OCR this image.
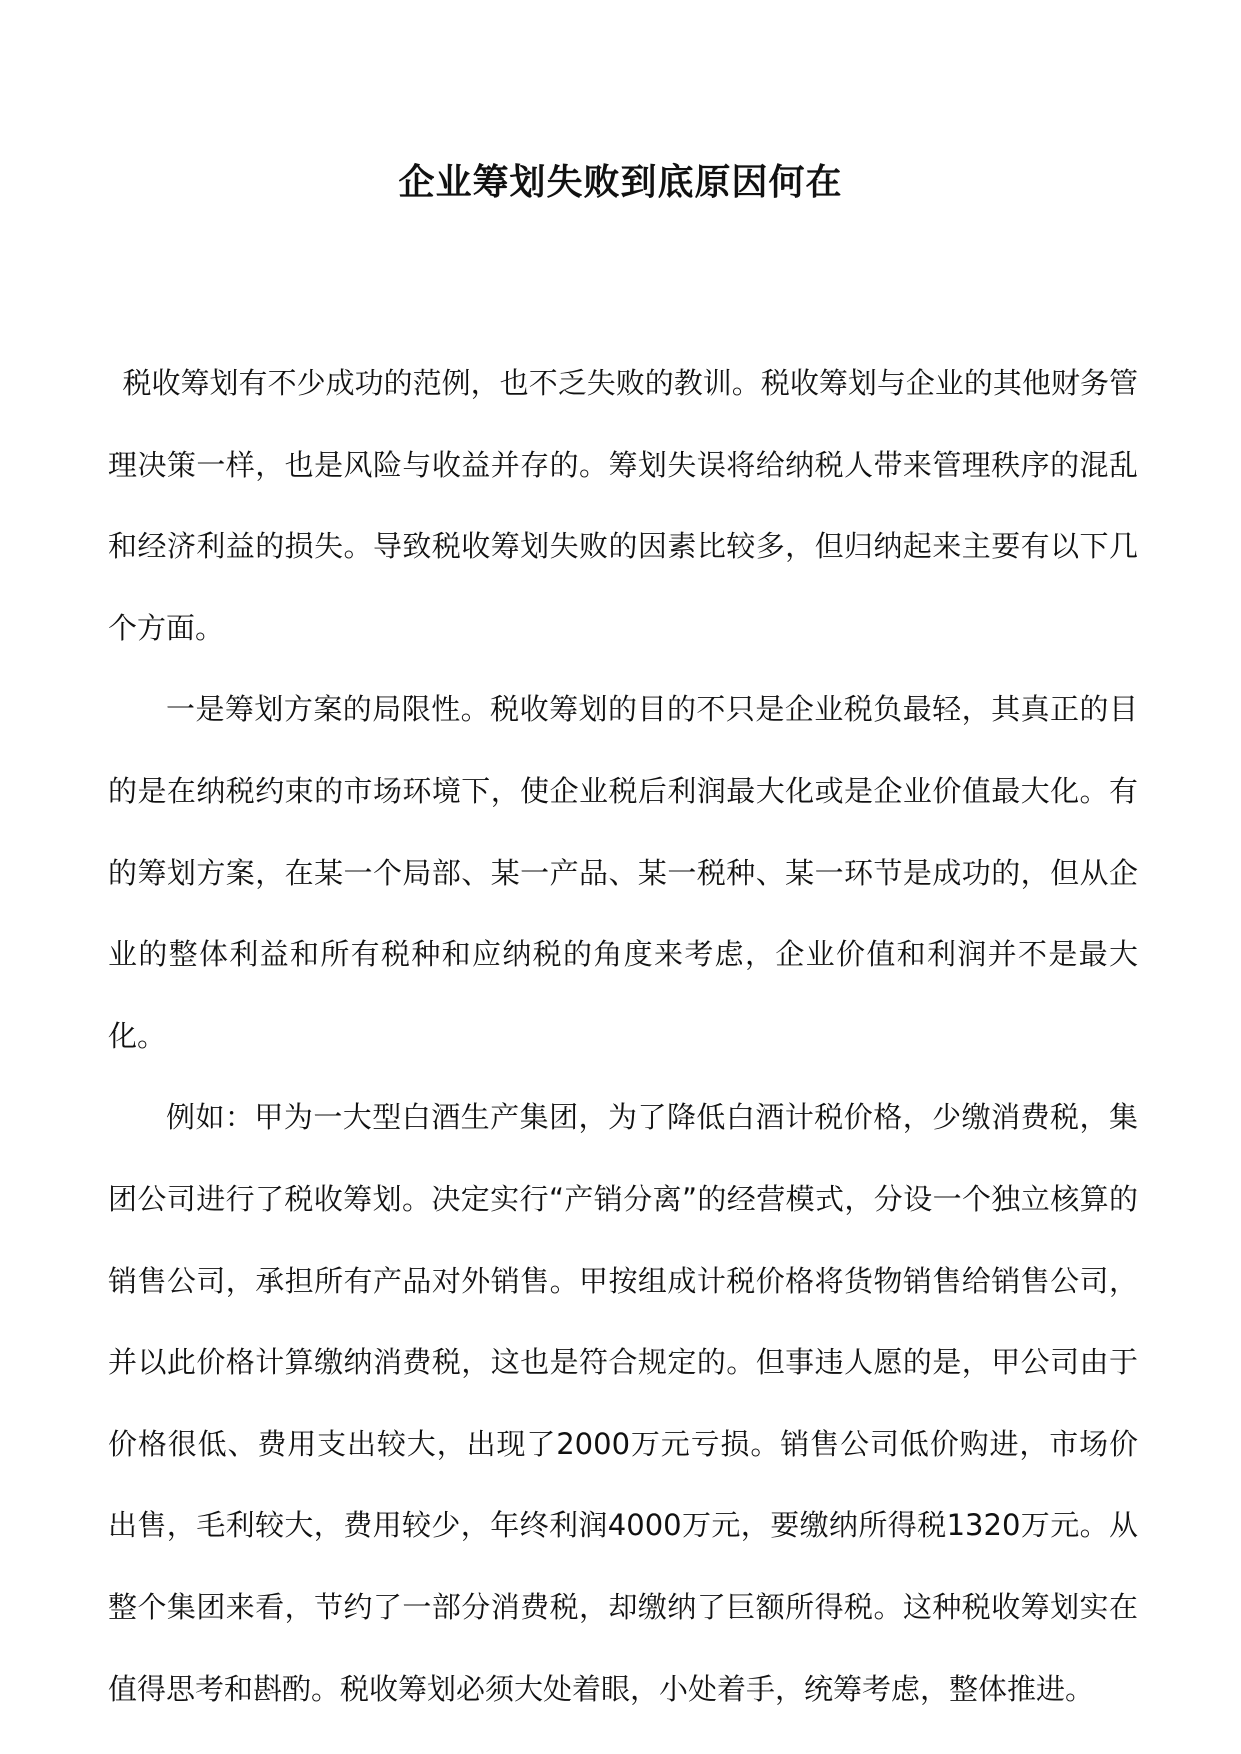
企业筹划失败到底原因何在

税收筹划有不少成功的范例，也不乏失败的教训。税收筹划与企业的其他财务管理决策一样，也是风险与收益并存的。筹划失误将给纳税人带来管理秩序的混乱和经济利益的损失。导致税收筹划失败的因素比较多，但归纳起来主要有以下几个方面。

一是筹划方案的局限性。税收筹划的目的不只是企业税负最轻，其真正的目的是在纳税约束的市场环境下，使企业税后利润最大化或是企业价值最大化。有的筹划方案，在某一个局部、某一产品、某一税种、某一环节是成功的，但从企业的整体利益和所有税种和应纳税的角度来考虑，企业价值和利润并不是最大化。

例如：甲为一大型白酒生产集团，为了降低白酒计税价格，少缴消费税，集团公司进行了税收筹划。决定实行“产销分离”的经营模式，分设一个独立核算的销售公司，承担所有产品对外销售。甲按组成计税价格将货物销售给销售公司，并以此价格计算缴纳消费税，这也是符合规定的。但事违人愿的是，甲公司由于价格很低、费用支出较大，出现了2000万元亏损。销售公司低价购进，市场价出售，毛利较大，费用较少，年终利润4000万元，要缴纳所得税1320万元。从整个集团来看，节约了一部分消费税，却缴纳了巨额所得税。这种税收筹划实在值得思考和斟酌。税收筹划必须大处着眼，小处着手，统筹考虑，整体推进。
